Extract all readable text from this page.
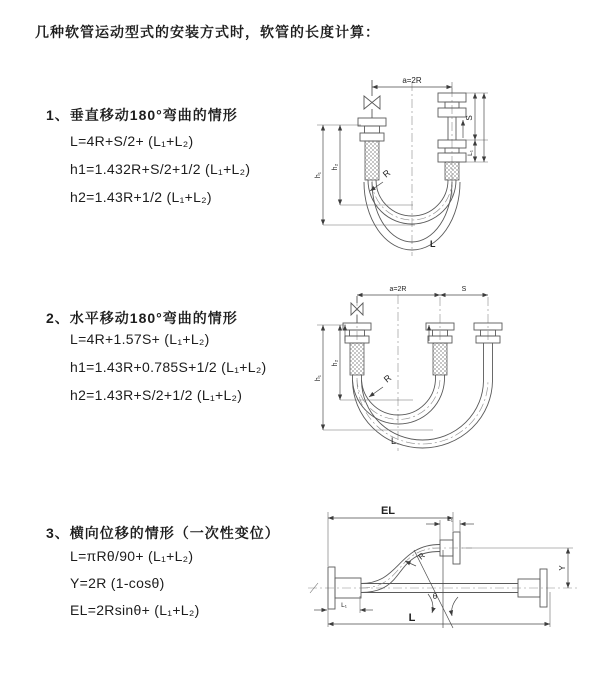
几种软管运动型式的安装方式时，软管的长度计算：
1、垂直移动180°弯曲的情形
L=4R+S/2+ (L₁+L₂)
h1=1.432R+S/2+1/2 (L₁+L₂)
h2=1.43R+1/2 (L₁+L₂)
2、水平移动180°弯曲的情形
L=4R+1.57S+ (L₁+L₂)
h1=1.43R+0.785S+1/2 (L₁+L₂)
h2=1.43R+S/2+1/2 (L₁+L₂)
3、横向位移的情形（一次性变位）
L=πRθ/90+ (L₁+L₂)
Y=2R (1-cosθ)
EL=2Rsinθ+ (L₁+L₂)
a=2R
h₁
h₂
S
L₁
R
L
a=2R	S
h₁
h₂
R
L
EL
L₁
Y
R
θ
L
L₁
